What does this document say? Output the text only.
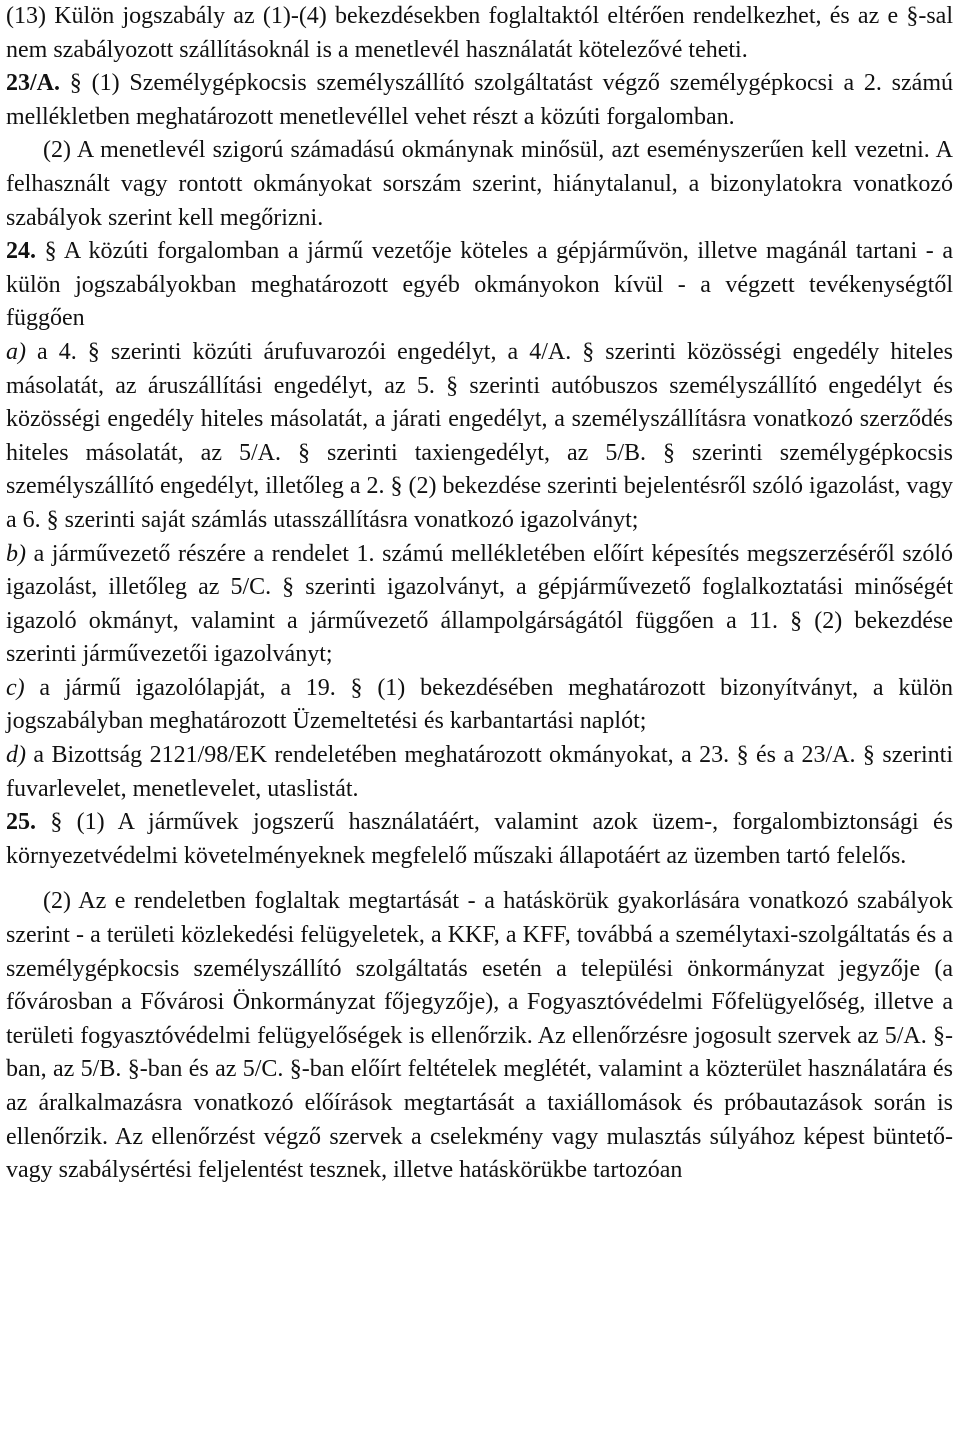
(13) Külön jogszabály az (1)-(4) bekezdésekben foglaltaktól eltérően rendelkezhet, és az e §-sal nem szabályozott szállításoknál is a menetlevél használatát kötelezővé teheti.

23/A. § (1) Személygépkocsis személyszállító szolgáltatást végző személygépkocsi a 2. számú mellékletben meghatározott menetlevéllel vehet részt a közúti forgalomban.

(2) A menetlevél szigorú számadású okmánynak minősül, azt eseményszerűen kell vezetni. A felhasznált vagy rontott okmányokat sorszám szerint, hiánytalanul, a bizonylatokra vonatkozó szabályok szerint kell megőrizni.

24. § A közúti forgalomban a jármű vezetője köteles a gépjárművön, illetve magánál tartani - a külön jogszabályokban meghatározott egyéb okmányokon kívül - a végzett tevékenységtől függően

a) a 4. § szerinti közúti árufuvarozói engedélyt, a 4/A. § szerinti közösségi engedély hiteles másolatát, az áruszállítási engedélyt, az 5. § szerinti autóbuszos személyszállító engedélyt és közösségi engedély hiteles másolatát, a járati engedélyt, a személyszállításra vonatkozó szerződés hiteles másolatát, az 5/A. § szerinti taxiengedélyt, az 5/B. § szerinti személygépkocsis személyszállító engedélyt, illetőleg a 2. § (2) bekezdése szerinti bejelentésről szóló igazolást, vagy a 6. § szerinti saját számlás utasszállításra vonatkozó igazolványt;

b) a járművezető részére a rendelet 1. számú mellékletében előírt képesítés megszerzéséről szóló igazolást, illetőleg az 5/C. § szerinti igazolványt, a gépjárművezető foglalkoztatási minőségét igazoló okmányt, valamint a járművezető állampolgárságától függően a 11. § (2) bekezdése szerinti járművezetői igazolványt;

c) a jármű igazolólapját, a 19. § (1) bekezdésében meghatározott bizonyítványt, a külön jogszabályban meghatározott Üzemeltetési és karbantartási naplót;

d) a Bizottság 2121/98/EK rendeletében meghatározott okmányokat, a 23. § és a 23/A. § szerinti fuvarlevelet, menetlevelet, utaslistát.

25. § (1) A járművek jogszerű használatáért, valamint azok üzem-, forgalombiztonsági és környezetvédelmi követelményeknek megfelelő műszaki állapotáért az üzemben tartó felelős.

(2) Az e rendeletben foglaltak megtartását - a hatáskörük gyakorlására vonatkozó szabályok szerint - a területi közlekedési felügyeletek, a KKF, a KFF, továbbá a személytaxi-szolgáltatás és a személygépkocsis személyszállító szolgáltatás esetén a települési önkormányzat jegyzője (a fővárosban a Fővárosi Önkormányzat főjegyzője), a Fogyasztóvédelmi Főfelügyelőség, illetve a területi fogyasztóvédelmi felügyelőségek is ellenőrzik. Az ellenőrzésre jogosult szervek az 5/A. §-ban, az 5/B. §-ban és az 5/C. §-ban előírt feltételek meglétét, valamint a közterület használatára és az áralkalmazásra vonatkozó előírások megtartását a taxiállomások és próbautazások során is ellenőrzik. Az ellenőrzést végző szervek a cselekmény vagy mulasztás súlyához képest büntető- vagy szabálysértési feljelentést tesznek, illetve hatáskörükbe tartozóan
